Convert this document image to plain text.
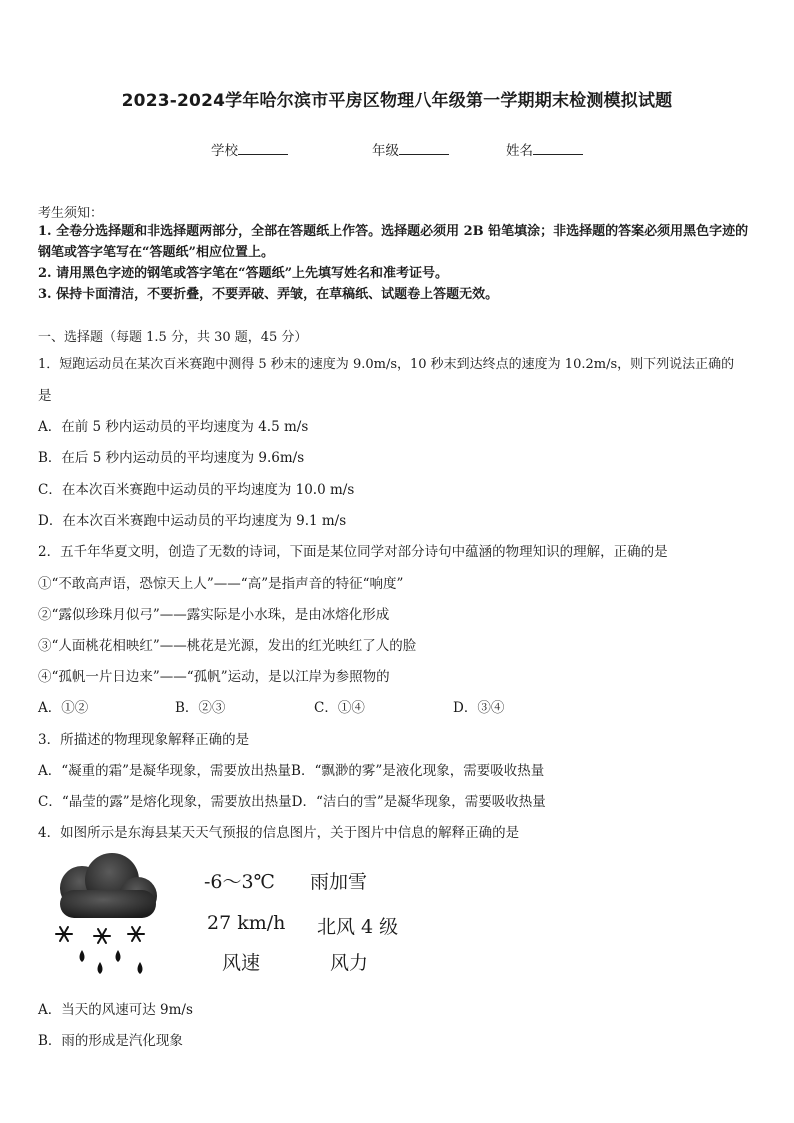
2023-2024学年哈尔滨市平房区物理八年级第一学期期末检测模拟试题
学校	年级	姓名
考生须知：
1. 全卷分选择题和非选择题两部分，全部在答题纸上作答。选择题必须用 2B 铅笔填涂；非选择题的答案必须用黑色字迹的钢笔或答字笔写在“答题纸”相应位置上。
2. 请用黑色字迹的钢笔或答字笔在“答题纸”上先填写姓名和准考证号。
3. 保持卡面清洁，不要折叠，不要弄破、弄皱，在草稿纸、试题卷上答题无效。
一、选择题（每题 1.5 分，共 30 题，45 分）
1．短跑运动员在某次百米赛跑中测得 5 秒末的速度为 9.0m/s，10 秒末到达终点的速度为 10.2m/s，则下列说法正确的
是
A．在前 5 秒内运动员的平均速度为 4.5 m/s
B．在后 5 秒内运动员的平均速度为 9.6m/s
C．在本次百米赛跑中运动员的平均速度为 10.0 m/s
D．在本次百米赛跑中运动员的平均速度为 9.1 m/s
2．五千年华夏文明，创造了无数的诗词，下面是某位同学对部分诗句中蕴涵的物理知识的理解，正确的是
①“不敢高声语，恐惊天上人”——“高”是指声音的特征“响度”
②“露似珍珠月似弓”——露实际是小水珠，是由冰熔化形成
③“人面桃花相映红”——桃花是光源，发出的红光映红了人的脸
④“孤帆一片日边来”——“孤帆”运动，是以江岸为参照物的
A．①②	B．②③	C．①④	D．③④
3．所描述的物理现象解释正确的是
A．“凝重的霜”是凝华现象，需要放出热量B．“飘渺的雾”是液化现象，需要吸收热量
C．“晶莹的露”是熔化现象，需要放出热量D．“洁白的雪”是凝华现象，需要吸收热量
4．如图所示是东海县某天天气预报的信息图片，关于图片中信息的解释正确的是
-6～3℃ 雨加雪
27 km/h 北风 4 级
风速	风力
A．当天的风速可达 9m/s
B．雨的形成是汽化现象
